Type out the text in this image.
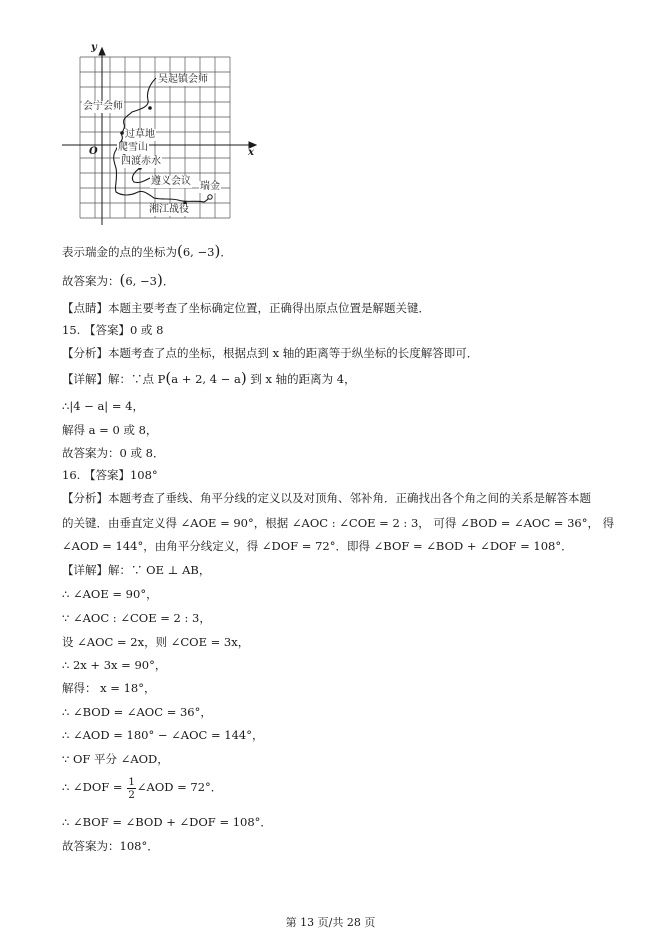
y
x
O
吴起镇会师
会宁会师
过草地
爬雪山
四渡赤水
遵义会议 瑞金
湘江战役
表示瑞金的点的坐标为(6, −3)．
故答案为：(6, −3)．
【点睛】本题主要考查了坐标确定位置，正确得出原点位置是解题关键．
15. 【答案】0 或 8
【分析】本题考查了点的坐标，根据点到 x 轴的距离等于纵坐标的长度解答即可．
【详解】解：∵点 P(a + 2, 4 − a) 到 x 轴的距离为 4，
∴|4 − a| = 4，
解得 a = 0 或 8，
故答案为：0 或 8．
16. 【答案】108°
【分析】本题考查了垂线、角平分线的定义以及对顶角、邻补角．正确找出各个角之间的关系是解答本题
的关键．由垂直定义得 ∠AOE = 90°，根据 ∠AOC : ∠COE = 2 : 3， 可得 ∠BOD = ∠AOC = 36°， 得
∠AOD = 144°，由角平分线定义，得 ∠DOF = 72°．即得 ∠BOF = ∠BOD + ∠DOF = 108°．
【详解】解：∵ OE ⊥ AB，
∴ ∠AOE = 90°，
∵ ∠AOC : ∠COE = 2 : 3，
设 ∠AOC = 2x，则 ∠COE = 3x，
∴ 2x + 3x = 90°，
解得： x = 18°，
∴ ∠BOD = ∠AOC = 36°，
∴ ∠AOD = 180° − ∠AOC = 144°，
∵ OF 平分 ∠AOD，
∴ ∠DOF = $\frac{1}{2}$ ∠AOD = 72°．
∴ ∠BOF = ∠BOD + ∠DOF = 108°．
故答案为：108°．
第 13 页/共 28 页
